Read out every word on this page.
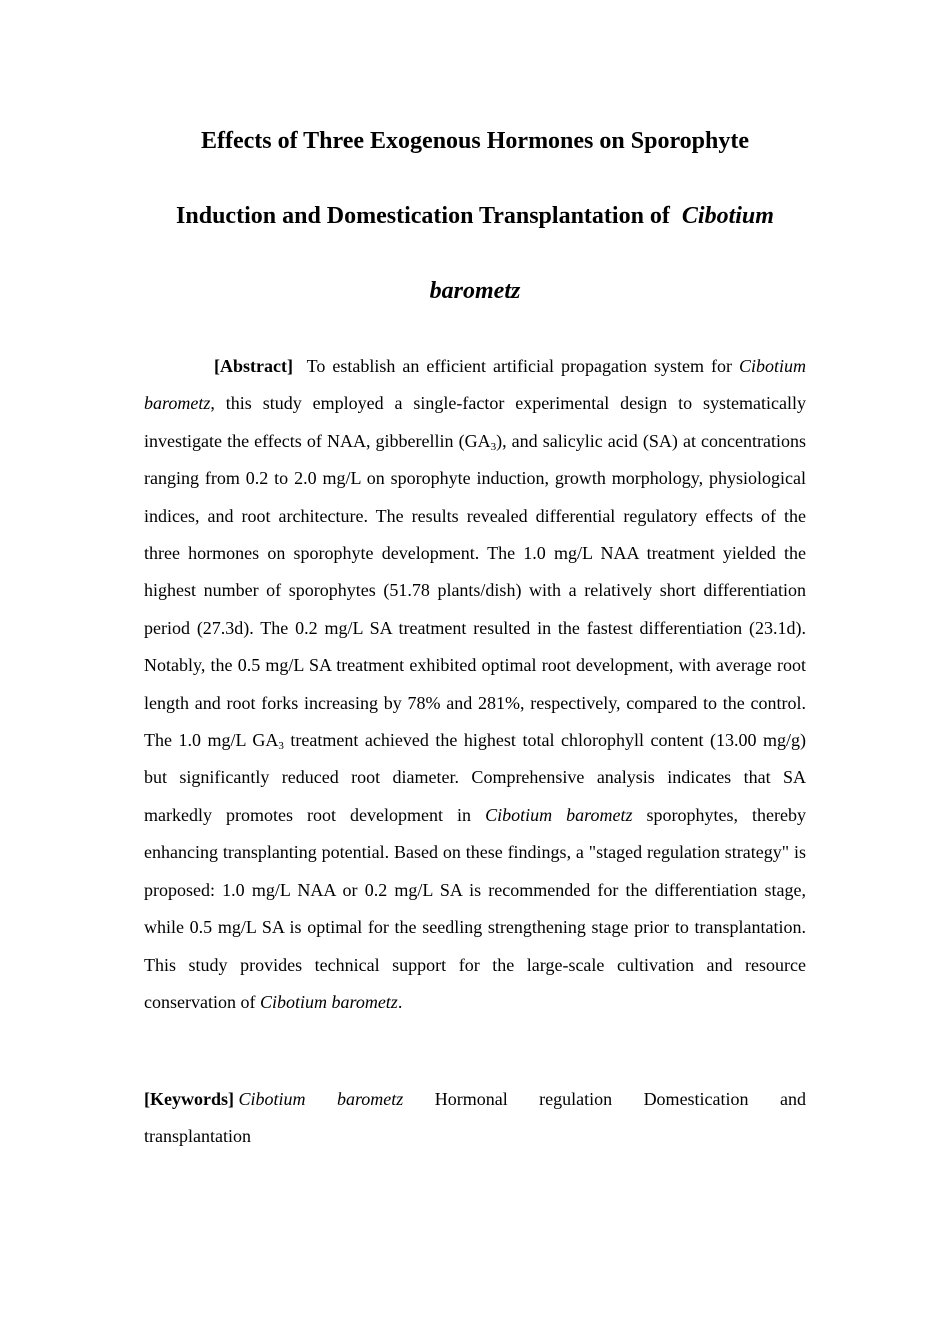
Effects of Three Exogenous Hormones on Sporophyte
Induction and Domestication Transplantation of Cibotium
barometz

[Abstract] To establish an efficient artificial propagation system for Cibotium barometz, this study employed a single-factor experimental design to systematically investigate the effects of NAA, gibberellin $(GA_3)$, and salicylic acid (SA) at concentrations ranging from 0.2 to 2.0 mg/L on sporophyte induction, growth morphology, physiological indices, and root architecture. The results revealed differential regulatory effects of the three hormones on sporophyte development. The 1.0 mg/L NAA treatment yielded the highest number of sporophytes (51.78 plants/dish) with a relatively short differentiation period (27.3d). The 0.2 mg/L SA treatment resulted in the fastest differentiation (23.1d). Notably, the 0.5 mg/L SA treatment exhibited optimal root development, with average root length and root forks increasing by 78% and 281%, respectively, compared to the control. The 1.0 mg/L $GA_3$ treatment achieved the highest total chlorophyll content (13.00 mg/g) but significantly reduced root diameter. Comprehensive analysis indicates that SA markedly promotes root development in Cibotium barometz sporophytes, thereby enhancing transplanting potential. Based on these findings, a "staged regulation strategy" is proposed: 1.0 mg/L NAA or 0.2 mg/L SA is recommended for the differentiation stage, while 0.5 mg/L SA is optimal for the seedling strengthening stage prior to transplantation. This study provides technical support for the large-scale cultivation and resource conservation of Cibotium barometz.

[Keywords] Cibotium barometz Hormonal regulation Domestication and
transplantation
